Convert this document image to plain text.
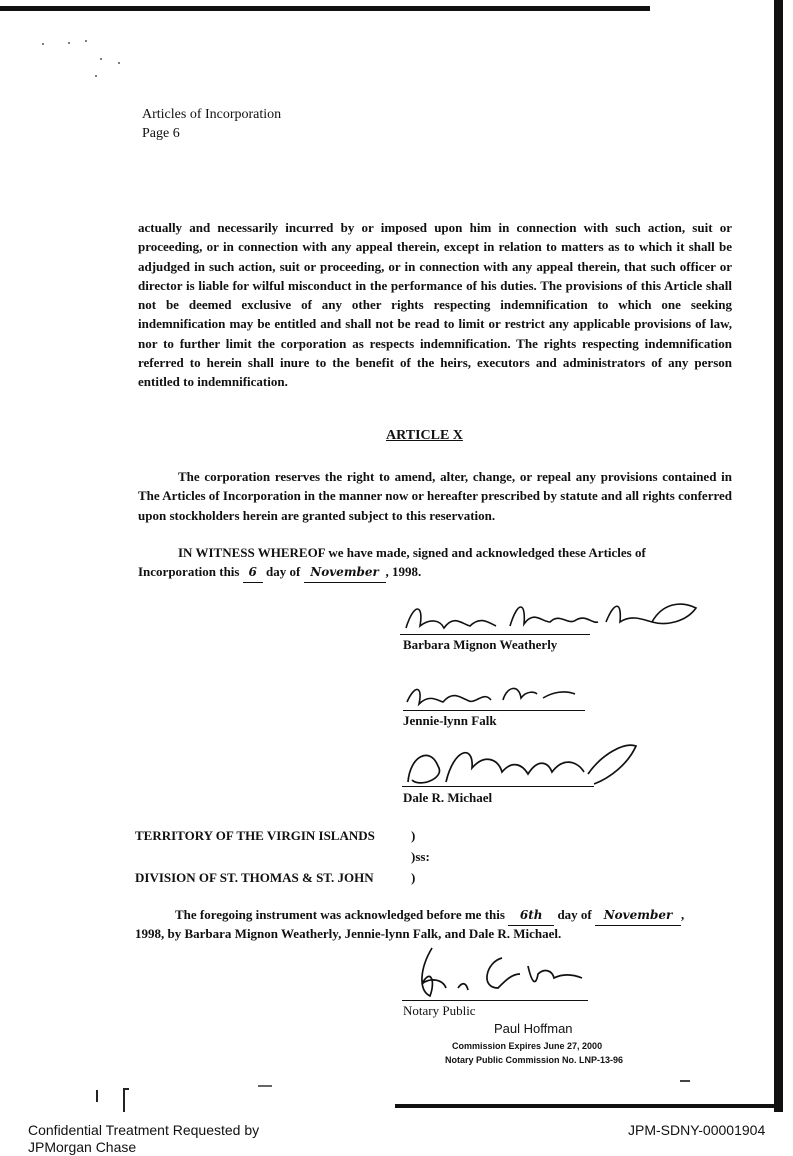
Articles of Incorporation
Page 6
actually and necessarily incurred by or imposed upon him in connection with such action, suit or proceeding, or in connection with any appeal therein, except in relation to matters as to which it shall be adjudged in such action, suit or proceeding, or in connection with any appeal therein, that such officer or director is liable for wilful misconduct in the performance of his duties. The provisions of this Article shall not be deemed exclusive of any other rights respecting indemnification to which one seeking indemnification may be entitled and shall not be read to limit or restrict any applicable provisions of law, nor to further limit the corporation as respects indemnification. The rights respecting indemnification referred to herein shall inure to the benefit of the heirs, executors and administrators of any person entitled to indemnification.
ARTICLE X
The corporation reserves the right to amend, alter, change, or repeal any provisions contained in The Articles of Incorporation in the manner now or hereafter prescribed by statute and all rights conferred upon stockholders herein are granted subject to this reservation.
IN WITNESS WHEREOF we have made, signed and acknowledged these Articles of
Incorporation this 6 day of November , 1998.
Barbara Mignon Weatherly
Jennie-lynn Falk
Dale R. Michael
TERRITORY OF THE VIRGIN ISLANDS	)
)ss:
DIVISION OF ST. THOMAS & ST. JOHN	)
The foregoing instrument was acknowledged before me this 6th day of November ,
1998, by Barbara Mignon Weatherly, Jennie-lynn Falk, and Dale R. Michael.
Notary Public
Paul Hoffman
Commission Expires June 27, 2000
Notary Public Commission No. LNP-13-96
Confidential Treatment Requested by
JPMorgan Chase
JPM-SDNY-00001904
